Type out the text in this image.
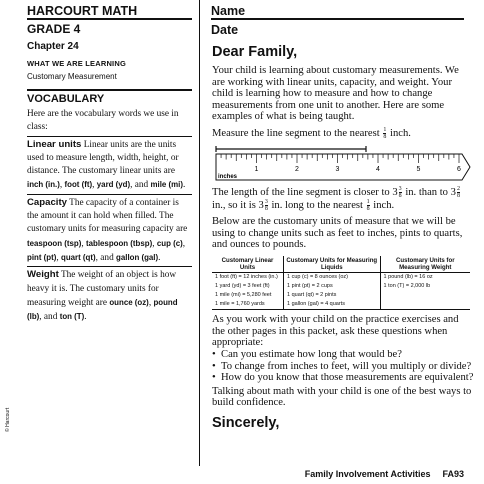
HARCOURT MATH	Name
Date
GRADE 4
Chapter 24
WHAT WE ARE LEARNING
Customary Measurement
VOCABULARY
Here are the vocabulary words we use in class:
Linear units Linear units are the units used to measure length, width, height, or distance. The customary linear units are inch (in.), foot (ft), yard (yd), and mile (mi).
Capacity The capacity of a container is the amount it can hold when filled. The customary units for measuring capacity are teaspoon (tsp), tablespoon (tbsp), cup (c), pint (pt), quart (qt), and gallon (gal).
Weight The weight of an object is how heavy it is. The customary units for measuring weight are ounce (oz), pound (lb), and ton (T).
© Harcourt
Dear Family,
Your child is learning about customary measurements. We are working with linear units, capacity, and weight. Your child is learning how to measure and how to change measurements from one unit to another. Here are some examples of what is being taught.
Measure the line segment to the nearest $\frac{1}{8}$ inch.
1	2	3	4	5	6
inches
The length of the line segment is closer to $3 \frac{3}{8}$ in. than to $3 \frac{2}{8}$
in., so it is $3 \frac{3}{8}$ in. long to the nearest $\frac{1}{8}$ inch.
Below are the customary units of measure that we will be using to change units such as feet to inches, pints to quarts, and ounces to pounds.
Customary Linear Units	Customary Units for Measuring Liquids	Customary Units for Measuring Weight
1 foot (ft) = 12 inches (in.)	1 cup (c) = 8 ounces (oz)	1 pound (lb) = 16 oz
1 yard (yd) = 3 feet (ft)	1 pint (pt) = 2 cups	1 ton (T) = 2,000 lb
1 mile (mi) = 5,280 feet	1 quart (qt) = 2 pints	
1 mile = 1,760 yards	1 gallon (gal) = 4 quarts	
As you work with your child on the practice exercises and the other pages in this packet, ask these questions when appropriate:
• Can you estimate how long that would be?
• To change from inches to feet, will you multiply or divide?
• How do you know that those measurements are equivalent?
Talking about math with your child is one of the best ways to build confidence.
Sincerely,
Family Involvement Activities FA93
